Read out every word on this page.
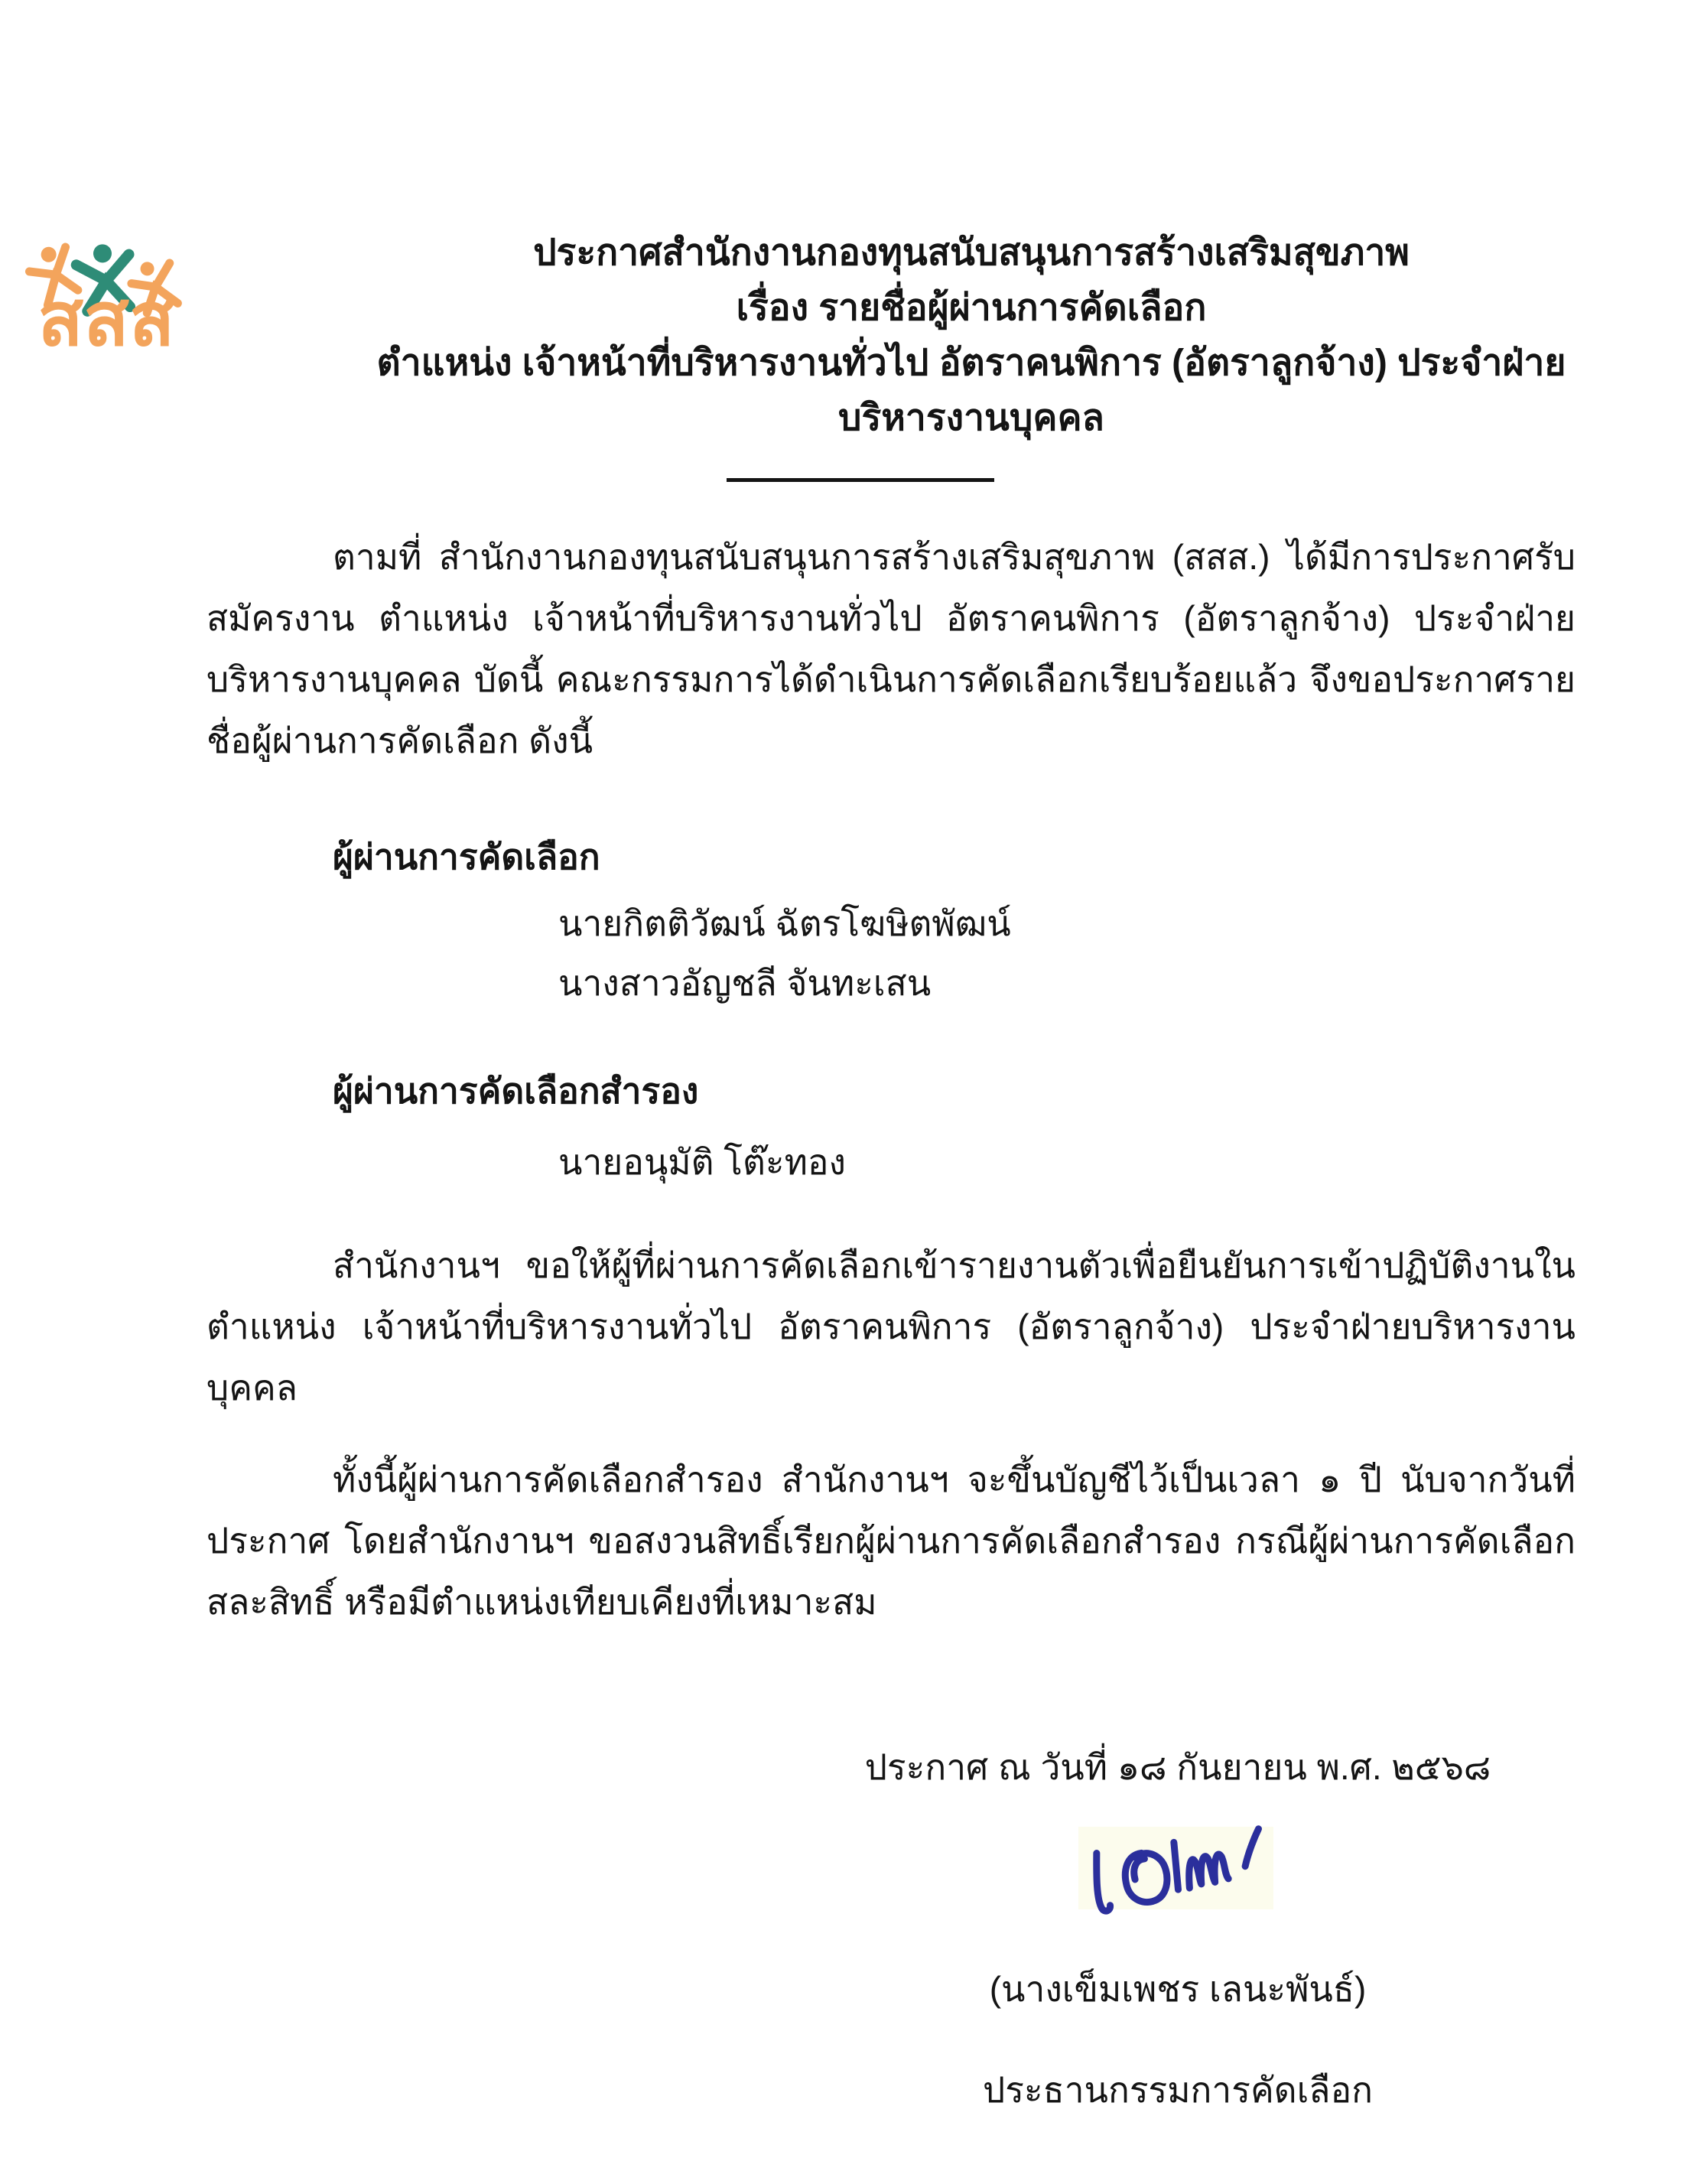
สสส
ประกาศสำนักงานกองทุนสนับสนุนการสร้างเสริมสุขภาพ
เรื่อง รายชื่อผู้ผ่านการคัดเลือก
ตำแหน่ง เจ้าหน้าที่บริหารงานทั่วไป อัตราคนพิการ (อัตราลูกจ้าง) ประจำฝ่ายบริหารงานบุคคล
ตามที่ สำนักงานกองทุนสนับสนุนการสร้างเสริมสุขภาพ (สสส.) ได้มีการประกาศรับสมัครงาน ตำแหน่ง เจ้าหน้าที่บริหารงานทั่วไป อัตราคนพิการ (อัตราลูกจ้าง) ประจำฝ่ายบริหารงานบุคคล บัดนี้ คณะกรรมการได้ดำเนินการคัดเลือกเรียบร้อยแล้ว จึงขอประกาศรายชื่อผู้ผ่านการคัดเลือก ดังนี้
ผู้ผ่านการคัดเลือก
นายกิตติวัฒน์ ฉัตรโฆษิตพัฒน์
นางสาวอัญชลี จันทะเสน
ผู้ผ่านการคัดเลือกสำรอง
นายอนุมัติ โต๊ะทอง
สำนักงานฯ ขอให้ผู้ที่ผ่านการคัดเลือกเข้ารายงานตัวเพื่อยืนยันการเข้าปฏิบัติงานในตำแหน่ง เจ้าหน้าที่บริหารงานทั่วไป อัตราคนพิการ (อัตราลูกจ้าง) ประจำฝ่ายบริหารงานบุคคล
ทั้งนี้ผู้ผ่านการคัดเลือกสำรอง สำนักงานฯ จะขึ้นบัญชีไว้เป็นเวลา ๑ ปี นับจากวันที่ประกาศ โดยสำนักงานฯ ขอสงวนสิทธิ์เรียกผู้ผ่านการคัดเลือกสำรอง กรณีผู้ผ่านการคัดเลือกสละสิทธิ์ หรือมีตำแหน่งเทียบเคียงที่เหมาะสม
ประกาศ ณ วันที่ ๑๘ กันยายน พ.ศ. ๒๕๖๘
(นางเข็มเพชร เลนะพันธ์)
ประธานกรรมการคัดเลือก
